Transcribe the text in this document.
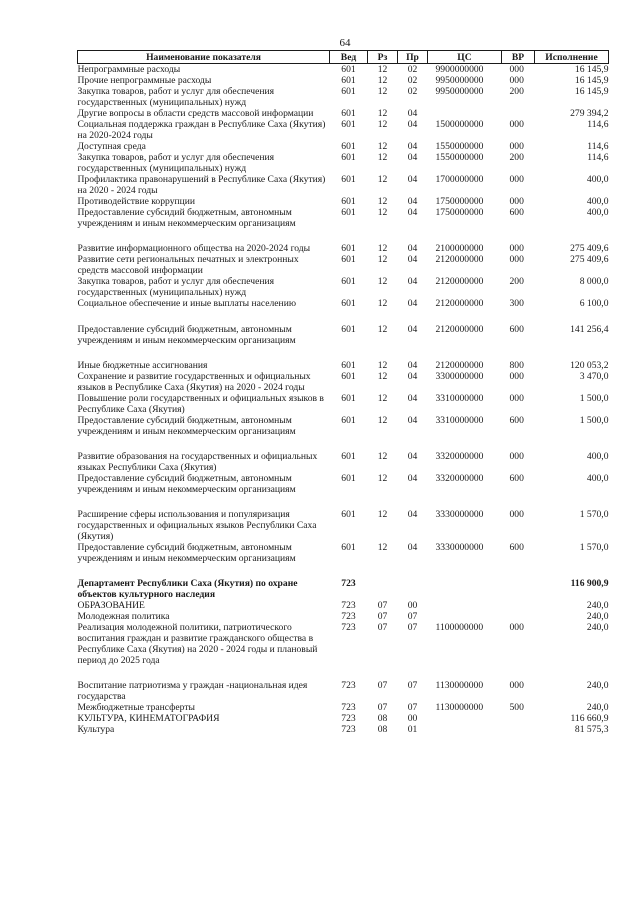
64
Наименование показателя	Вед	Рз	Пр	ЦС	ВР	Исполнение
Непрограммные расходы	601	12	02	9900000000	000	16 145,9
Прочие непрограммные расходы	601	12	02	9950000000	000	16 145,9
Закупка товаров, работ и услуг для обеспечения государственных (муниципальных) нужд	601	12	02	9950000000	200	16 145,9
Другие вопросы в области средств массовой информации	601	12	04			279 394,2
Социальная поддержка граждан в Республике Саха (Якутия) на 2020-2024 годы	601	12	04	1500000000	000	114,6
Доступная среда	601	12	04	1550000000	000	114,6
Закупка товаров, работ и услуг для обеспечения государственных (муниципальных) нужд	601	12	04	1550000000	200	114,6
Профилактика правонарушений в Республике Саха (Якутия) на 2020 - 2024 годы	601	12	04	1700000000	000	400,0
Противодействие коррупции	601	12	04	1750000000	000	400,0
Предоставление субсидий бюджетным, автономным учреждениям и иным некоммерческим организациям	601	12	04	1750000000	600	400,0
Развитие информационного общества на 2020-2024 годы	601	12	04	2100000000	000	275 409,6
Развитие сети региональных печатных и электронных средств массовой информации	601	12	04	2120000000	000	275 409,6
Закупка товаров, работ и услуг для обеспечения государственных (муниципальных) нужд	601	12	04	2120000000	200	8 000,0
Социальное обеспечение и иные выплаты населению	601	12	04	2120000000	300	6 100,0
Предоставление субсидий бюджетным, автономным учреждениям и иным некоммерческим организациям	601	12	04	2120000000	600	141 256,4
Иные бюджетные ассигнования	601	12	04	2120000000	800	120 053,2
Сохранение и развитие государственных и официальных языков в Республике Саха (Якутия) на 2020 - 2024 годы	601	12	04	3300000000	000	3 470,0
Повышение роли государственных и официальных языков в Республике Саха (Якутия)	601	12	04	3310000000	000	1 500,0
Предоставление субсидий бюджетным, автономным учреждениям и иным некоммерческим организациям	601	12	04	3310000000	600	1 500,0
Развитие образования на государственных и официальных языках Республики Саха (Якутия)	601	12	04	3320000000	000	400,0
Предоставление субсидий бюджетным, автономным учреждениям и иным некоммерческим организациям	601	12	04	3320000000	600	400,0
Расширение сферы использования и популяризация государственных и официальных языков Республики Саха (Якутия)	601	12	04	3330000000	000	1 570,0
Предоставление субсидий бюджетным, автономным учреждениям и иным некоммерческим организациям	601	12	04	3330000000	600	1 570,0
Департамент Республики Саха (Якутия) по охране объектов культурного наследия	723					116 900,9
ОБРАЗОВАНИЕ	723	07	00			240,0
Молодежная политика	723	07	07			240,0
Реализация молодежной политики, патриотического воспитания граждан и развитие гражданского общества в Республике Саха (Якутия) на 2020 - 2024 годы и плановый период до 2025 года	723	07	07	1100000000	000	240,0
Воспитание патриотизма у граждан -национальная идея государства	723	07	07	1130000000	000	240,0
Межбюджетные трансферты	723	07	07	1130000000	500	240,0
КУЛЬТУРА, КИНЕМАТОГРАФИЯ	723	08	00			116 660,9
Культура	723	08	01			81 575,3
